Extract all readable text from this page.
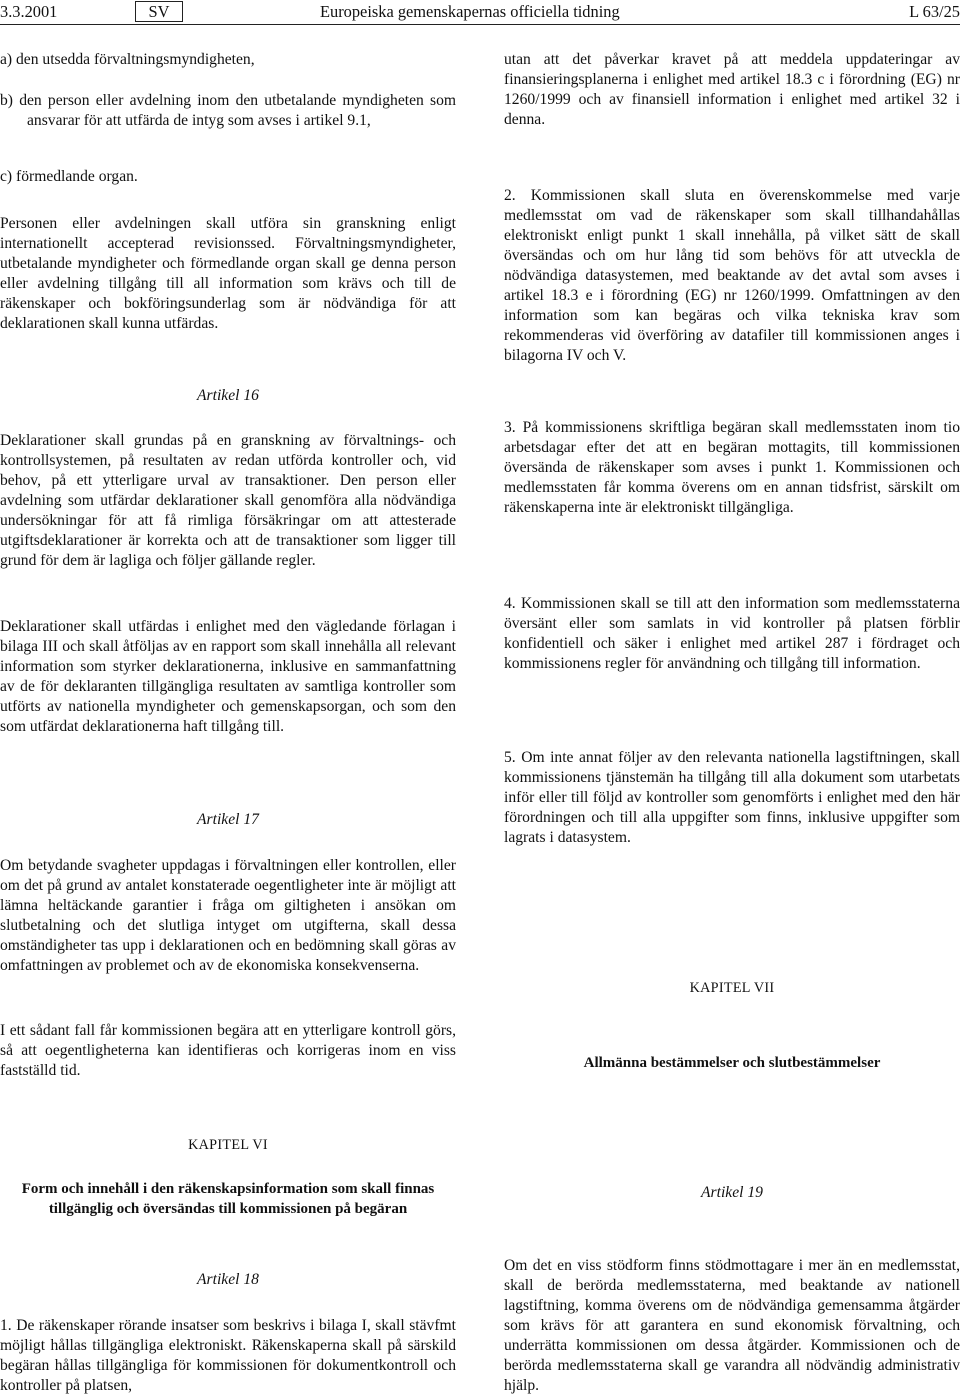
3.3.2001	SV	Europeiska gemenskapernas officiella tidning	L 63/25

a) den utsedda förvaltningsmyndigheten,

b) den person eller avdelning inom den utbetalande myndigheten som ansvarar för att utfärda de intyg som avses i artikel 9.1,

c) förmedlande organ.

Personen eller avdelningen skall utföra sin granskning enligt internationellt accepterad revisionssed. Förvaltningsmyndigheter, utbetalande myndigheter och förmedlande organ skall ge denna person eller avdelning tillgång till all information som krävs och till de räkenskaper och bokföringsunderlag som är nödvändiga för att deklarationen skall kunna utfärdas.

Artikel 16

Deklarationer skall grundas på en granskning av förvaltnings- och kontrollsystemen, på resultaten av redan utförda kontroller och, vid behov, på ett ytterligare urval av transaktioner. Den person eller avdelning som utfärdar deklarationer skall genomföra alla nödvändiga undersökningar för att få rimliga försäkringar om att attesterade utgiftsdeklarationer är korrekta och att de transaktioner som ligger till grund för dem är lagliga och följer gällande regler.

Deklarationer skall utfärdas i enlighet med den vägledande förlagan i bilaga III och skall åtföljas av en rapport som skall innehålla all relevant information som styrker deklarationerna, inklusive en sammanfattning av de för deklaranten tillgängliga resultaten av samtliga kontroller som utförts av nationella myndigheter och gemenskapsorgan, och som den som utfärdat deklarationerna haft tillgång till.

Artikel 17

Om betydande svagheter uppdagas i förvaltningen eller kontrollen, eller om det på grund av antalet konstaterade oegentligheter inte är möjligt att lämna heltäckande garantier i fråga om giltigheten i ansökan om slutbetalning och det slutliga intyget om utgifterna, skall dessa omständigheter tas upp i deklarationen och en bedömning skall göras av omfattningen av problemet och av de ekonomiska konsekvenserna.

I ett sådant fall får kommissionen begära att en ytterligare kontroll görs, så att oegentligheterna kan identifieras och korrigeras inom en viss fastställd tid.

KAPITEL VI

Form och innehåll i den räkenskapsinformation som skall finnas tillgänglig och översändas till kommissionen på begäran

Artikel 18

1. De räkenskaper rörande insatser som beskrivs i bilaga I, skall stävfmt möjligt hållas tillgängliga elektroniskt. Räkenskaperna skall på särskild begäran hållas tillgängliga för kommissionen för dokumentkontroll och kontroller på platsen,

utan att det påverkar kravet på att meddela uppdateringar av finansieringsplanerna i enlighet med artikel 18.3 c i förordning (EG) nr 1260/1999 och av finansiell information i enlighet med artikel 32 i denna.

2. Kommissionen skall sluta en överenskommelse med varje medlemsstat om vad de räkenskaper som skall tillhandahållas elektroniskt enligt punkt 1 skall innehålla, på vilket sätt de skall översändas och om hur lång tid som behövs för att utveckla de nödvändiga datasystemen, med beaktande av det avtal som avses i artikel 18.3 e i förordning (EG) nr 1260/1999. Omfattningen av den information som kan begäras och vilka tekniska krav som rekommenderas vid överföring av datafiler till kommissionen anges i bilagorna IV och V.

3. På kommissionens skriftliga begäran skall medlemsstaten inom tio arbetsdagar efter det att en begäran mottagits, till kommissionen översända de räkenskaper som avses i punkt 1. Kommissionen och medlemsstaten får komma överens om en annan tidsfrist, särskilt om räkenskaperna inte är elektroniskt tillgängliga.

4. Kommissionen skall se till att den information som medlemsstaterna översänt eller som samlats in vid kontroller på platsen förblir konfidentiell och säker i enlighet med artikel 287 i fördraget och kommissionens regler för användning och tillgång till information.

5. Om inte annat följer av den relevanta nationella lagstiftningen, skall kommissionens tjänstemän ha tillgång till alla dokument som utarbetats inför eller till följd av kontroller som genomförts i enlighet med den här förordningen och till alla uppgifter som finns, inklusive uppgifter som lagrats i datasystem.

KAPITEL VII

Allmänna bestämmelser och slutbestämmelser

Artikel 19

Om det en viss stödform finns stödmottagare i mer än en medlemsstat, skall de berörda medlemsstaterna, med beaktande av nationell lagstiftning, komma överens om de nödvändiga gemensamma åtgärder som krävs för att garantera en sund ekonomisk förvaltning, och underrätta kommissionen om dessa åtgärder. Kommissionen och de berörda medlemsstaterna skall ge varandra all nödvändig administrativ hjälp.
